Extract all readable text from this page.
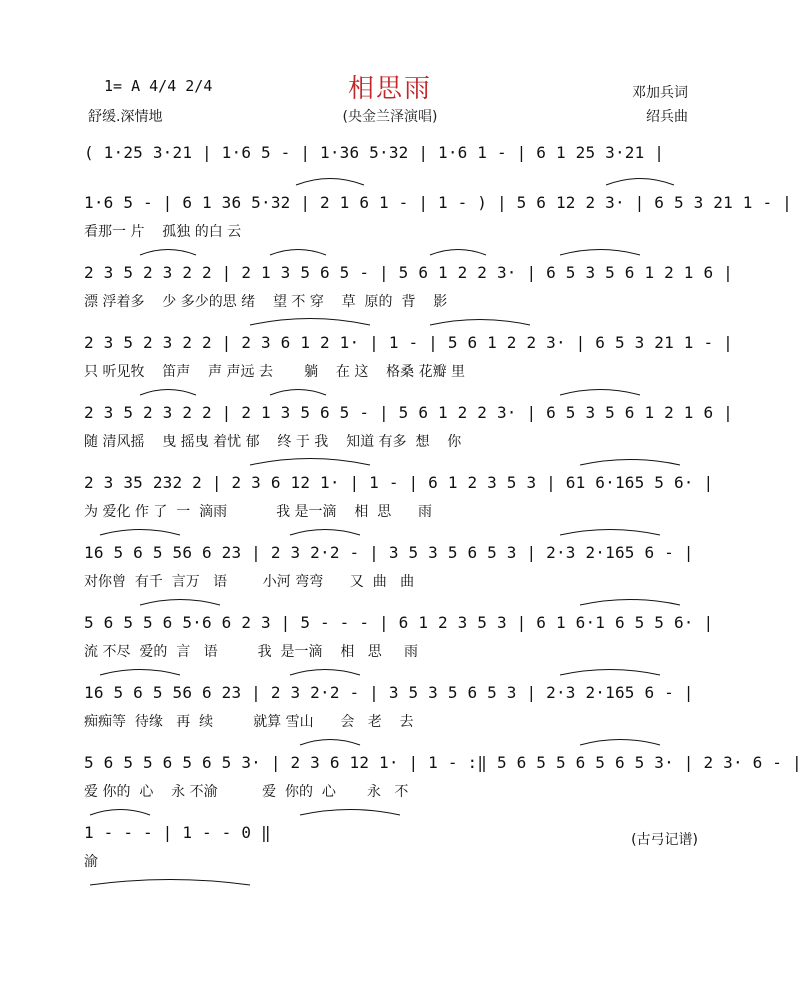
相思雨
(央金兰泽演唱)
1= A 4/4 2/4
舒缓.深情地
邓加兵词
绍兵曲
( 1·25 3·21 | 1·6 5 - | 1·36 5·32 | 1·6 1 - | 6 1 25 3·21 |
1·6 5 - | 6 1 36 5·32 | 2 1 6 1 - | 1 - ) | 5 6 12 2 3· | 6 5 3 21 1 - |
看那一 片    孤独 的白 云
2 3 5 2 3 2 2 | 2 1 3 5 6 5 - | 5 6 1 2 2 3· | 6 5 3 5 6 1 2 1 6 |
漂 浮着多    少 多少的思 绪    望 不 穿    草  原的  背    影
2 3 5 2 3 2 2 | 2 3 6 1 2 1· | 1 - | 5 6 1 2 2 3· | 6 5 3 21 1 - |
只 听见牧    笛声    声 声远 去       躺    在 这    格桑 花瓣 里
2 3 5 2 3 2 2 | 2 1 3 5 6 5 - | 5 6 1 2 2 3· | 6 5 3 5 6 1 2 1 6 |
随 清风摇    曳 摇曳 着忧 郁    终 于 我    知道 有多  想    你
2 3 35 232 2 | 2 3 6 12 1· | 1 - | 6 1 2 3 5 3 | 61 6·165 5 6· |
为 爱化 作 了  一  滴雨           我 是一滴    相  思      雨
16 5 6 5 56 6 23 | 2 3 2·2 - | 3 5 3 5 6 5 3 | 2·3 2·165 6 - |
对你曾  有千  言万   语        小河 弯弯      又  曲   曲
5 6 5 5 6 5·6 6 2 3 | 5 - - - | 6 1 2 3 5 3 | 6 1 6·1 6 5 5 6· |
流 不尽  爱的  言   语         我  是一滴    相   思     雨
16 5 6 5 56 6 23 | 2 3 2·2 - | 3 5 3 5 6 5 3 | 2·3 2·165 6 - |
痴痴等  待缘   再  续         就算 雪山      会   老    去
5 6 5 5 6 5 6 5 3· | 2 3 6 12 1· | 1 - :‖ 5 6 5 5 6 5 6 5 3· | 2 3· 6 - |
爱 你的  心    永 不渝          爱  你的  心       永   不
1 - - - | 1 - - 0 ‖
渝
(古弓记谱)
